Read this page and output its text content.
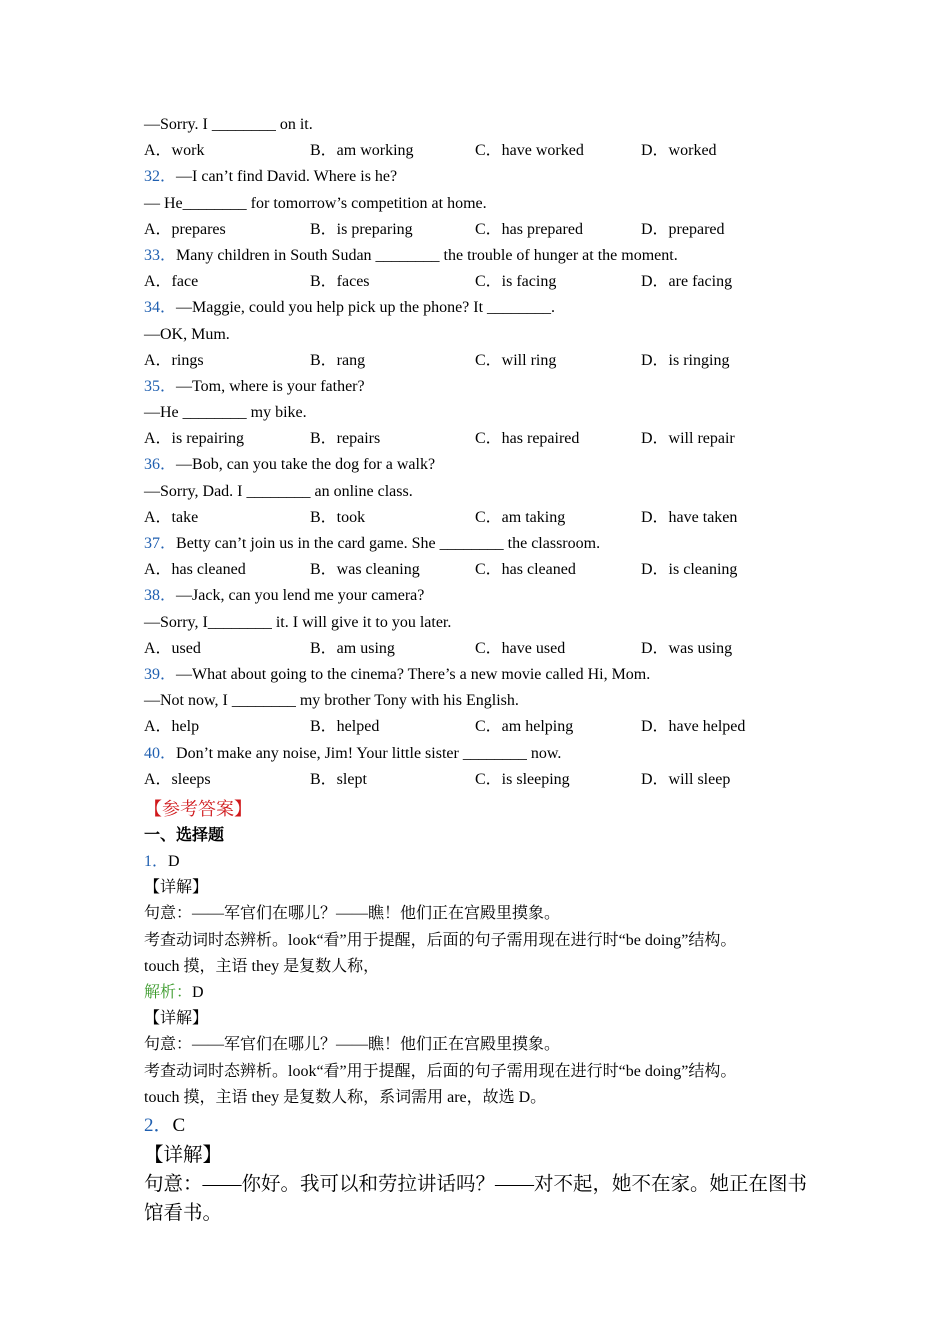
—Sorry. I ________ on it.
A．work	B．am working	C．have worked	D．worked
32．—I can’t find David. Where is he?
— He________ for tomorrow’s competition at home.
A．prepares	B．is preparing	C．has prepared	D．prepared
33．Many children in South Sudan ________ the trouble of hunger at the moment.
A．face	B．faces	C．is facing	D．are facing
34．—Maggie, could you help pick up the phone? It ________.
—OK, Mum.
A．rings	B．rang	C．will ring	D．is ringing
35．—Tom, where is your father?
—He ________ my bike.
A．is repairing	B．repairs	C．has repaired	D．will repair
36．—Bob, can you take the dog for a walk?
—Sorry, Dad. I ________ an online class.
A．take	B．took	C．am taking	D．have taken
37．Betty can’t join us in the card game. She ________ the classroom.
A．has cleaned	B．was cleaning	C．has cleaned	D．is cleaning
38．—Jack, can you lend me your camera?
—Sorry, I________ it. I will give it to you later.
A．used	B．am using	C．have used	D．was using
39．—What about going to the cinema? There’s a new movie called Hi, Mom.
—Not now, I ________ my brother Tony with his English.
A．help	B．helped	C．am helping	D．have helped
40．Don’t make any noise, Jim! Your little sister ________ now.
A．sleeps	B．slept	C．is sleeping	D．will sleep
【参考答案】
一、选择题
1．D
【详解】
句意：——军官们在哪儿？——瞧！他们正在宫殿里摸象。
考查动词时态辨析。look“看”用于提醒，后面的句子需用现在进行时“be doing”结构。
touch 摸，主语 they 是复数人称，
解析：D
【详解】
句意：——军官们在哪儿？——瞧！他们正在宫殿里摸象。
考查动词时态辨析。look“看”用于提醒，后面的句子需用现在进行时“be doing”结构。
touch 摸，主语 they 是复数人称，系词需用 are，故选 D。
2．C
【详解】
句意：——你好。我可以和劳拉讲话吗？——对不起，她不在家。她正在图书
馆看书。
